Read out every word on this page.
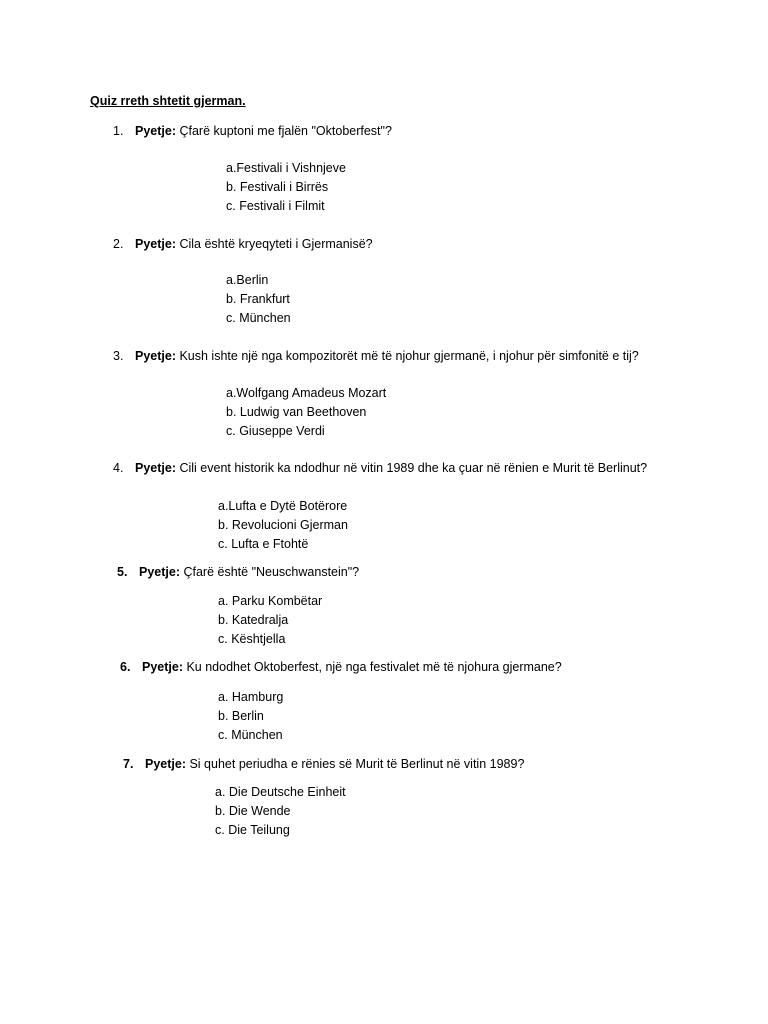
Quiz rreth shtetit gjerman.
1. Pyetje: Çfarë kuptoni me fjalën "Oktoberfest"?
a.Festivali i Vishnjeve
b. Festivali i Birrës
c. Festivali i Filmit
2. Pyetje: Cila është kryeqyteti i Gjermanisë?
a.Berlin
b. Frankfurt
c. München
3. Pyetje: Kush ishte një nga kompozitorët më të njohur gjermanë, i njohur për simfonitë e tij?
a.Wolfgang Amadeus Mozart
b. Ludwig van Beethoven
c. Giuseppe Verdi
4. Pyetje: Cili event historik ka ndodhur në vitin 1989 dhe ka çuar në rënien e Murit të Berlinut?
a.Lufta e Dytë Botërore
b. Revolucioni Gjerman
c. Lufta e Ftohtë
5. Pyetje: Çfarë është "Neuschwanstein"?
a. Parku Kombëtar
b. Katedralja
c. Kështjella
6. Pyetje: Ku ndodhet Oktoberfest, një nga festivalet më të njohura gjermane?
a. Hamburg
b. Berlin
c. München
7. Pyetje: Si quhet periudha e rënies së Murit të Berlinut në vitin 1989?
a. Die Deutsche Einheit
b. Die Wende
c. Die Teilung
